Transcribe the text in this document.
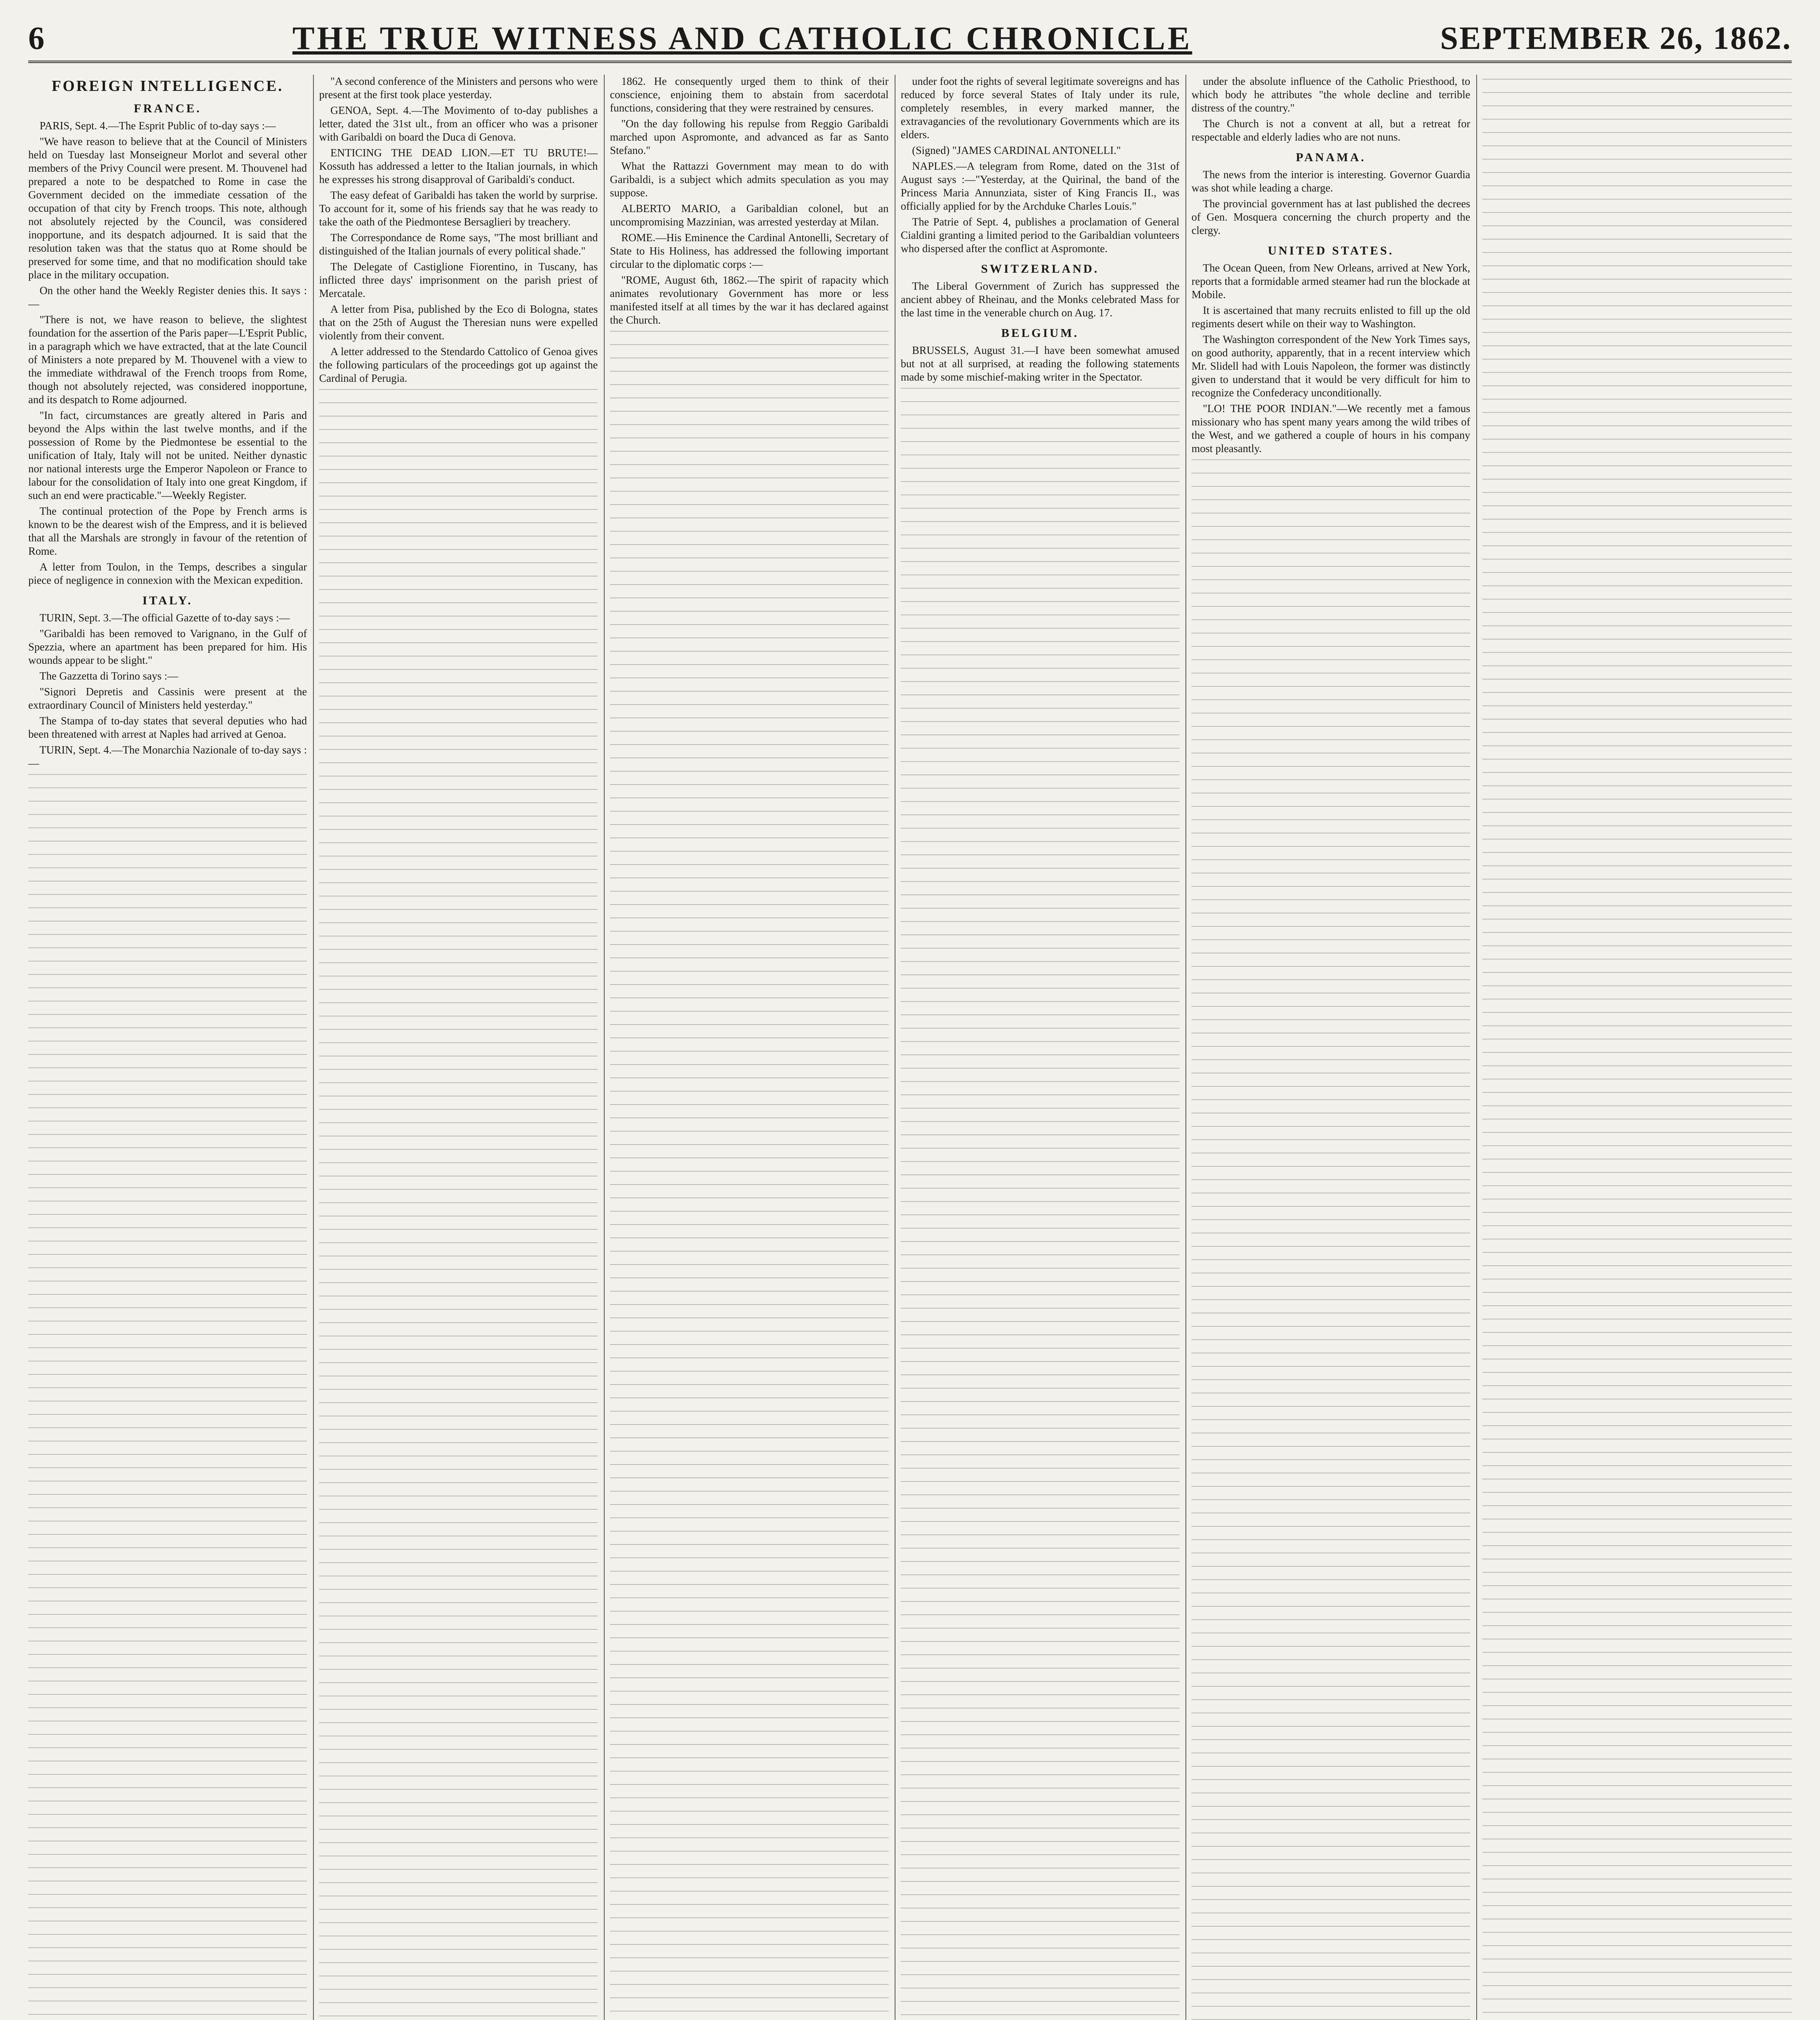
6	THE TRUE WITNESS AND CATHOLIC CHRONICLE	SEPTEMBER 26, 1862.
FOREIGN INTELLIGENCE.
FRANCE.

PARIS, Sept. 4.—The Esprit Public of to-day says :—

"We have reason to believe that at the Council of Ministers held on Tuesday last Monseigneur Morlot and several other members of the Privy Council were present. M. Thouvenel had prepared a note to be despatched to Rome in case the Government decided on the immediate cessation of the occupation of that city by French troops. This note, although not absolutely rejected by the Council, was considered inopportune, and its despatch adjourned. It is said that the resolution taken was that the status quo at Rome should be preserved for some time, and that no modification should take place in the military occupation.

On the other hand the Weekly Register denies this. It says :—

"There is not, we have reason to believe, the slightest foundation for the assertion of the Paris paper—L'Esprit Public, in a paragraph which we have extracted, that at the late Council of Ministers a note prepared by M. Thouvenel with a view to the immediate withdrawal of the French troops from Rome, though not absolutely rejected, was considered inopportune, and its despatch to Rome adjourned.

"In fact, circumstances are greatly altered in Paris and beyond the Alps within the last twelve months, and if the possession of Rome by the Piedmontese be essential to the unification of Italy, Italy will not be united. Neither dynastic nor national interests urge the Emperor Napoleon or France to labour for the consolidation of Italy into one great Kingdom, if such an end were practicable."—Weekly Register.

The continual protection of the Pope by French arms is known to be the dearest wish of the Empress, and it is believed that all the Marshals are strongly in favour of the retention of Rome.

A letter from Toulon, in the Temps, describes a singular piece of negligence in connexion with the Mexican expedition.

ITALY.

TURIN, Sept. 3.—The official Gazette of to-day says :—

"Garibaldi has been removed to Varignano, in the Gulf of Spezzia, where an apartment has been prepared for him. His wounds appear to be slight."

The Gazzetta di Torino says :—

"Signori Depretis and Cassinis were present at the extraordinary Council of Ministers held yesterday."

The Stampa of to-day states that several deputies who had been threatened with arrest at Naples had arrived at Genoa.

TURIN, Sept. 4.—The Monarchia Nazionale of to-day says :—

"A second conference of the Ministers and persons who were present at the first took place yesterday.

GENOA, Sept. 4.—The Movimento of to-day publishes a letter, dated the 31st ult., from an officer who was a prisoner with Garibaldi on board the Duca di Genova.

ENTICING THE DEAD LION.—ET TU BRUTE!—Kossuth has addressed a letter to the Italian journals, in which he expresses his strong disapproval of Garibaldi's conduct.

The easy defeat of Garibaldi has taken the world by surprise. To account for it, some of his friends say that he was ready to take the oath of the Piedmontese Bersaglieri by treachery.

The Correspondance de Rome says, "The most brilliant and distinguished of the Italian journals of every political shade."

The Delegate of Castiglione Fiorentino, in Tuscany, has inflicted three days' imprisonment on the parish priest of Mercatale.

A letter from Pisa, published by the Eco di Bologna, states that on the 25th of August the Theresian nuns were expelled violently from their convent.

A letter addressed to the Stendardo Cattolico of Genoa gives the following particulars of the proceedings got up against the Cardinal of Perugia.

1862. He consequently urged them to think of their conscience, enjoining them to abstain from sacerdotal functions, considering that they were restrained by censures.

"On the day following his repulse from Reggio Garibaldi marched upon Aspromonte, and advanced as far as Santo Stefano."

What the Rattazzi Government may mean to do with Garibaldi, is a subject which admits speculation as you may suppose.

ALBERTO MARIO, a Garibaldian colonel, but an uncompromising Mazzinian, was arrested yesterday at Milan.

ROME.—His Eminence the Cardinal Antonelli, Secretary of State to His Holiness, has addressed the following important circular to the diplomatic corps :—

"ROME, August 6th, 1862.—The spirit of rapacity which animates revolutionary Government has more or less manifested itself at all times by the war it has declared against the Church.

under foot the rights of several legitimate sovereigns and has reduced by force several States of Italy under its rule, completely resembles, in every marked manner, the extravagancies of the revolutionary Governments which are its elders.

(Signed) "JAMES CARDINAL ANTONELLI."

NAPLES.—A telegram from Rome, dated on the 31st of August says :—"Yesterday, at the Quirinal, the band of the Princess Maria Annunziata, sister of King Francis II., was officially applied for by the Archduke Charles Louis."

The Patrie of Sept. 4, publishes a proclamation of General Cialdini granting a limited period to the Garibaldian volunteers who dispersed after the conflict at Aspromonte.

SWITZERLAND.

The Liberal Government of Zurich has suppressed the ancient abbey of Rheinau, and the Monks celebrated Mass for the last time in the venerable church on Aug. 17.

BELGIUM.

BRUSSELS, August 31.—I have been somewhat amused but not at all surprised, at reading the following statements made by some mischief-making writer in the Spectator.

under the absolute influence of the Catholic Priesthood, to which body he attributes "the whole decline and terrible distress of the country."

The Church is not a convent at all, but a retreat for respectable and elderly ladies who are not nuns.

PANAMA.

The news from the interior is interesting. Governor Guardia was shot while leading a charge.

The provincial government has at last published the decrees of Gen. Mosquera concerning the church property and the clergy.

UNITED STATES.

The Ocean Queen, from New Orleans, arrived at New York, reports that a formidable armed steamer had run the blockade at Mobile.

It is ascertained that many recruits enlisted to fill up the old regiments desert while on their way to Washington.

The Washington correspondent of the New York Times says, on good authority, apparently, that in a recent interview which Mr. Slidell had with Louis Napoleon, the former was distinctly given to understand that it would be very difficult for him to recognize the Confederacy unconditionally.

"LO! THE POOR INDIAN."—We recently met a famous missionary who has spent many years among the wild tribes of the West, and we gathered a couple of hours in his company most pleasantly.
